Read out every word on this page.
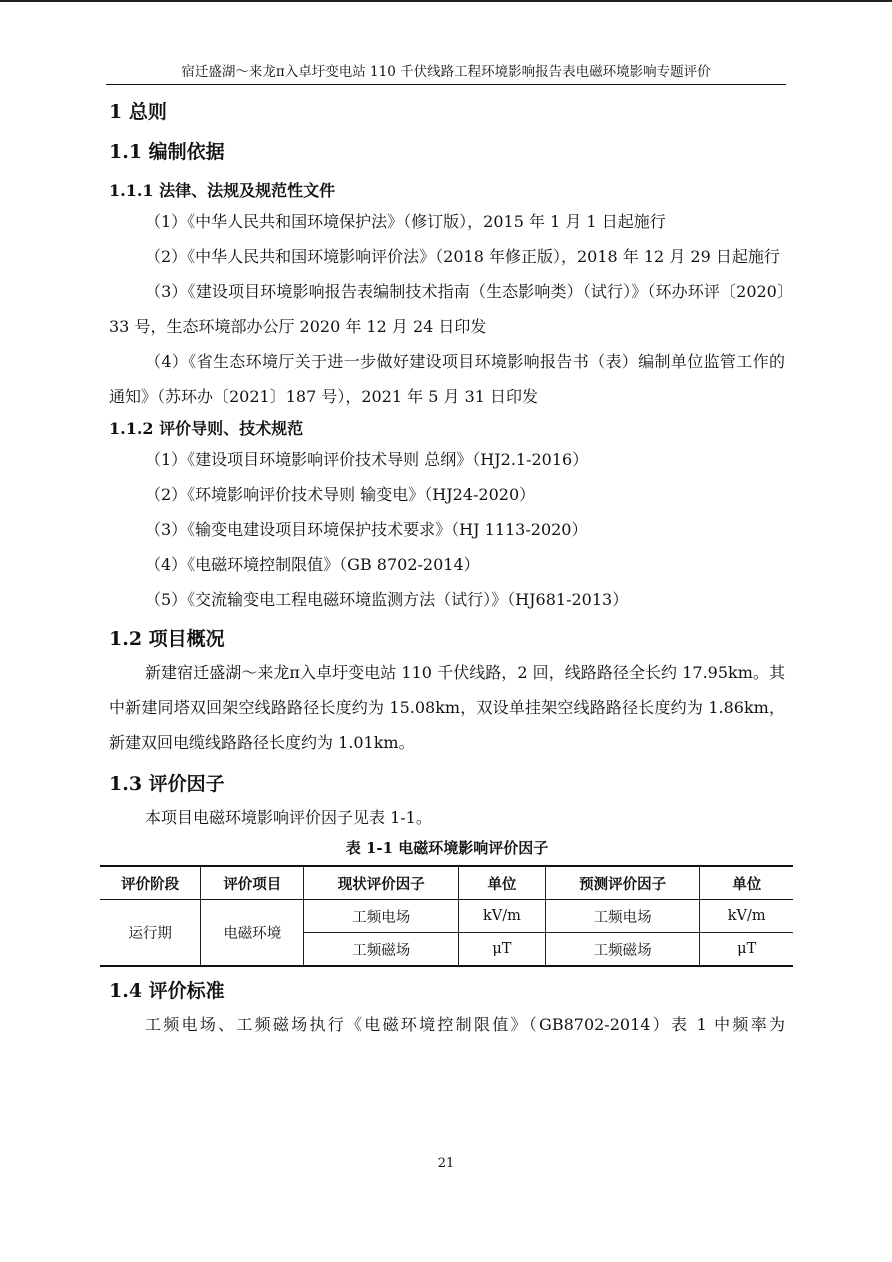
宿迁盛湖～来龙π入卓圩变电站 110 千伏线路工程环境影响报告表电磁环境影响专题评价

1 总则

1.1 编制依据

1.1.1 法律、法规及规范性文件

（1）《中华人民共和国环境保护法》（修订版），2015 年 1 月 1 日起施行

（2）《中华人民共和国环境影响评价法》（2018 年修正版），2018 年 12 月 29 日起施行

（3）《建设项目环境影响报告表编制技术指南（生态影响类）（试行）》（环办环评〔2020〕33 号，生态环境部办公厅 2020 年 12 月 24 日印发

（4）《省生态环境厅关于进一步做好建设项目环境影响报告书（表）编制单位监管工作的通知》（苏环办〔2021〕187 号），2021 年 5 月 31 日印发

1.1.2 评价导则、技术规范

（1）《建设项目环境影响评价技术导则 总纲》（HJ2.1-2016）

（2）《环境影响评价技术导则 输变电》（HJ24-2020）

（3）《输变电建设项目环境保护技术要求》（HJ 1113-2020）

（4）《电磁环境控制限值》（GB 8702-2014）

（5）《交流输变电工程电磁环境监测方法（试行）》（HJ681-2013）

1.2 项目概况

新建宿迁盛湖～来龙π入卓圩变电站 110 千伏线路，2 回，线路路径全长约 17.95km。其中新建同塔双回架空线路路径长度约为 15.08km，双设单挂架空线路路径长度约为 1.86km，新建双回电缆线路路径长度约为 1.01km。

1.3 评价因子

本项目电磁环境影响评价因子见表 1-1。

表 1-1 电磁环境影响评价因子

评价阶段	评价项目	现状评价因子	单位	预测评价因子	单位
运行期	电磁环境	工频电场	kV/m	工频电场	kV/m
		工频磁场	μT	工频磁场	μT

1.4 评价标准

工频电场、工频磁场执行《电磁环境控制限值》（GB8702-2014）表 1 中频率为

21
